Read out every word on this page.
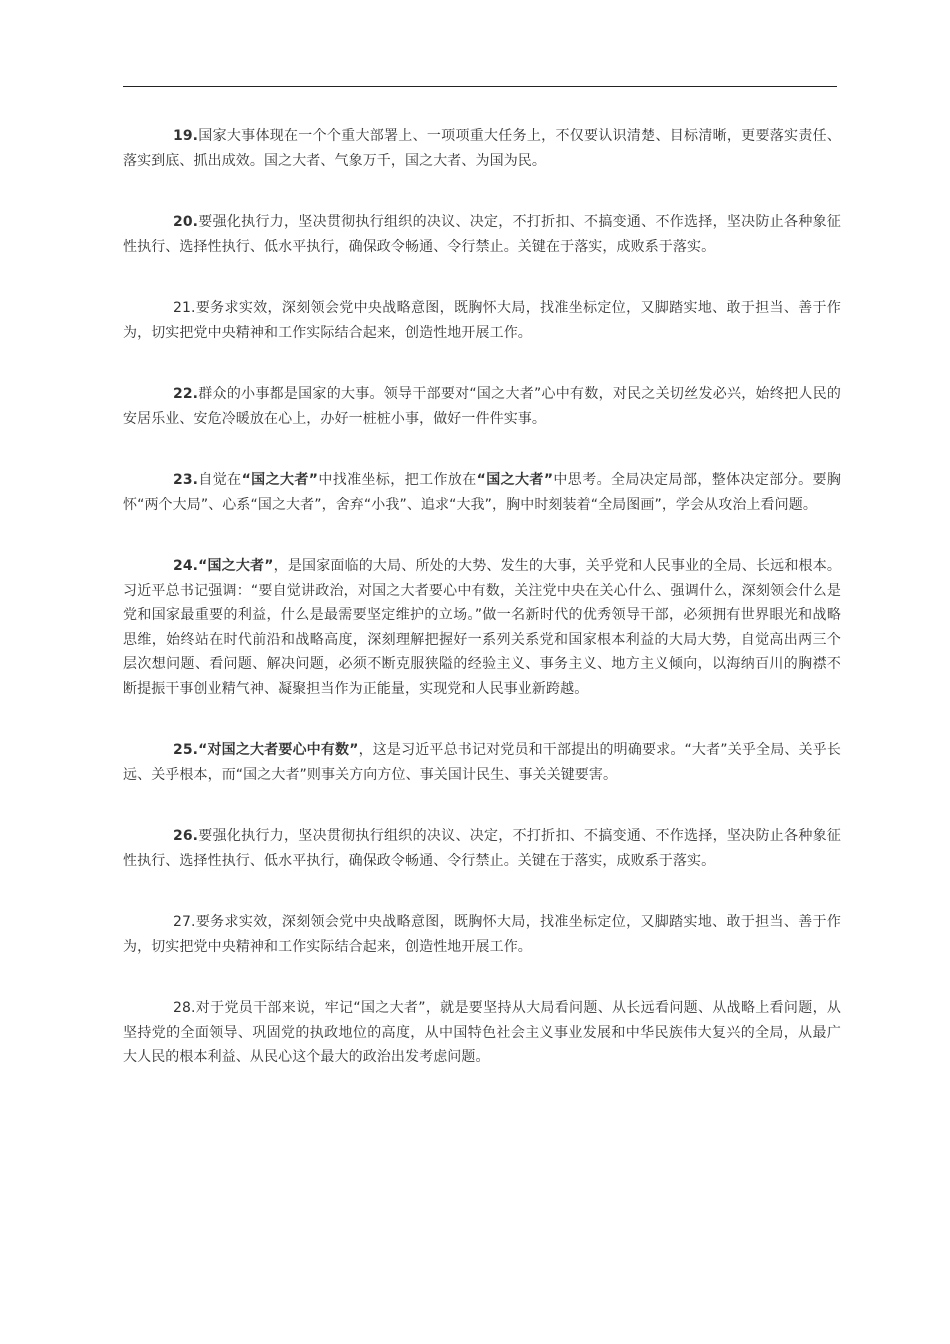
19.国家大事体现在一个个重大部署上、一项项重大任务上，不仅要认识清楚、目标清晰，更要落实责任、落实到底、抓出成效。国之大者、气象万千，国之大者、为国为民。

20.要强化执行力，坚决贯彻执行组织的决议、决定，不打折扣、不搞变通、不作选择，坚决防止各种象征性执行、选择性执行、低水平执行，确保政令畅通、令行禁止。关键在于落实，成败系于落实。

21.要务求实效，深刻领会党中央战略意图，既胸怀大局，找准坐标定位，又脚踏实地、敢于担当、善于作为，切实把党中央精神和工作实际结合起来，创造性地开展工作。

22.群众的小事都是国家的大事。领导干部要对“国之大者”心中有数，对民之关切丝发必兴，始终把人民的安居乐业、安危冷暖放在心上，办好一桩桩小事，做好一件件实事。

23.自觉在“国之大者”中找准坐标，把工作放在“国之大者”中思考。全局决定局部，整体决定部分。要胸怀“两个大局”、心系“国之大者”，舍弃“小我”、追求“大我”，胸中时刻装着“全局图画”，学会从攻治上看问题。

24.“国之大者”，是国家面临的大局、所处的大势、发生的大事，关乎党和人民事业的全局、长远和根本。习近平总书记强调：“要自觉讲政治，对国之大者要心中有数，关注党中央在关心什么、强调什么，深刻领会什么是党和国家最重要的利益，什么是最需要坚定维护的立场。”做一名新时代的优秀领导干部，必须拥有世界眼光和战略思维，始终站在时代前沿和战略高度，深刻理解把握好一系列关系党和国家根本利益的大局大势，自觉高出两三个层次想问题、看问题、解决问题，必须不断克服狭隘的经验主义、事务主义、地方主义倾向，以海纳百川的胸襟不断提振干事创业精气神、凝聚担当作为正能量，实现党和人民事业新跨越。

25.“对国之大者要心中有数”，这是习近平总书记对党员和干部提出的明确要求。“大者”关乎全局、关乎长远、关乎根本，而“国之大者”则事关方向方位、事关国计民生、事关关键要害。

26.要强化执行力，坚决贯彻执行组织的决议、决定，不打折扣、不搞变通、不作选择，坚决防止各种象征性执行、选择性执行、低水平执行，确保政令畅通、令行禁止。关键在于落实，成败系于落实。

27.要务求实效，深刻领会党中央战略意图，既胸怀大局，找准坐标定位，又脚踏实地、敢于担当、善于作为，切实把党中央精神和工作实际结合起来，创造性地开展工作。

28.对于党员干部来说，牢记“国之大者”，就是要坚持从大局看问题、从长远看问题、从战略上看问题，从坚持党的全面领导、巩固党的执政地位的高度，从中国特色社会主义事业发展和中华民族伟大复兴的全局，从最广大人民的根本利益、从民心这个最大的政治出发考虑问题。
